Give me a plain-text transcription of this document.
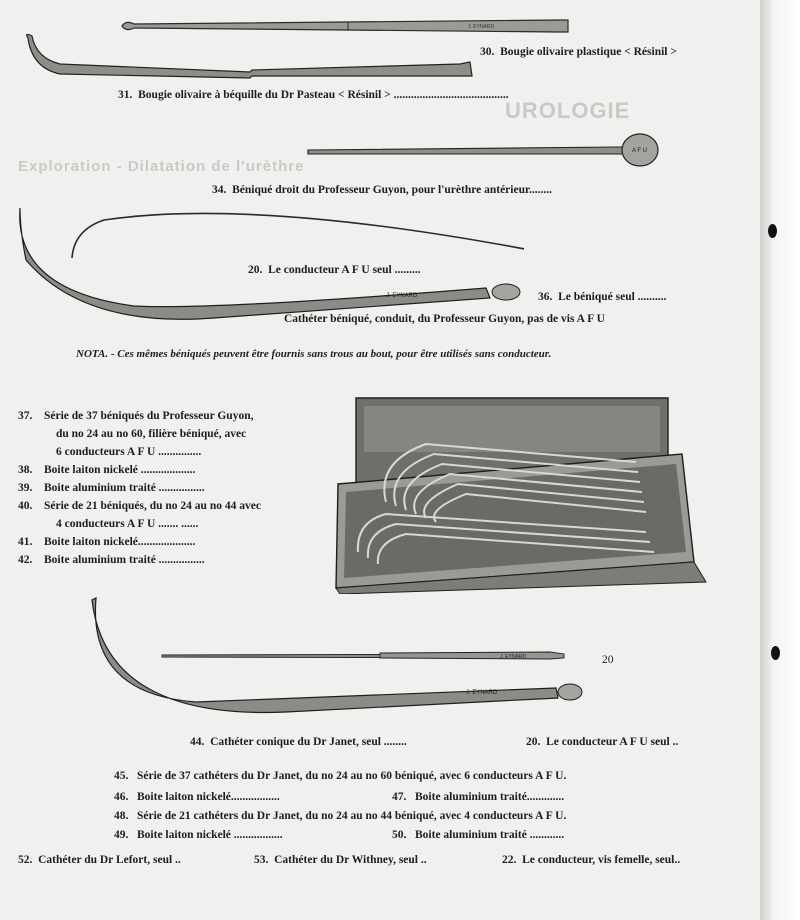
UROLOGIE
Exploration - Dilatation de l'urèthre
J. EYNARD
A F U
J. EYNARD
J. EYNARD
J. EYNARD
30. Bougie olivaire plastique < Résinil >
31. Bougie olivaire à béquille du Dr Pasteau < Résinil > ........................................
34. Béniqué droit du Professeur Guyon, pour l'urèthre antérieur........
20. Le conducteur A F U seul .........
36. Le béniqué seul ..........
Cathéter béniqué, conduit, du Professeur Guyon, pas de vis A F U
NOTA. - Ces mêmes béniqués peuvent être fournis sans trous au bout, pour être utilisés sans conducteur.
37. Série de 37 béniqués du Professeur Guyon,
du no 24 au no 60, filière béniqué, avec
6 conducteurs A F U ...............
38. Boite laiton nickelé ...................
39. Boite aluminium traité ................
40. Série de 21 béniqués, du no 24 au no 44 avec
4 conducteurs A F U ....... ......
41. Boite laiton nickelé....................
42. Boite aluminium traité ................
20
44. Cathéter conique du Dr Janet, seul ........	20. Le conducteur A F U seul ..
45. Série de 37 cathéters du Dr Janet, du no 24 au no 60 béniqué, avec 6 conducteurs A F U.
46. Boite laiton nickelé.................	47. Boite aluminium traité.............
48. Série de 21 cathéters du Dr Janet, du no 24 au no 44 béniqué, avec 4 conducteurs A F U.
49. Boite laiton nickelé .................	50. Boite aluminium traité ............
52. Cathéter du Dr Lefort, seul ..	53. Cathéter du Dr Withney, seul ..	22. Le conducteur, vis femelle, seul..
